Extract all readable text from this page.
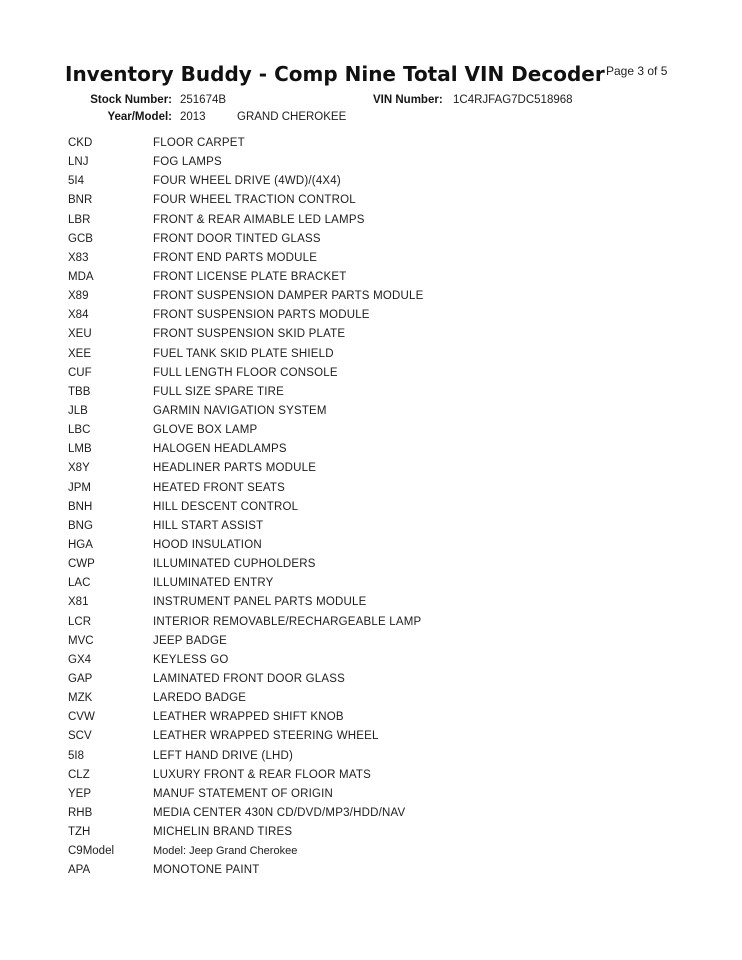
Inventory Buddy - Comp Nine Total VIN Decoder Page 3 of 5
Stock Number: 251674B	VIN Number: 1C4RJFAG7DC518968
Year/Model: 2013	GRAND CHEROKEE
CKD	FLOOR CARPET
LNJ	FOG LAMPS
5I4	FOUR WHEEL DRIVE (4WD)/(4X4)
BNR	FOUR WHEEL TRACTION CONTROL
LBR	FRONT & REAR AIMABLE LED LAMPS
GCB	FRONT DOOR TINTED GLASS
X83	FRONT END PARTS MODULE
MDA	FRONT LICENSE PLATE BRACKET
X89	FRONT SUSPENSION DAMPER PARTS MODULE
X84	FRONT SUSPENSION PARTS MODULE
XEU	FRONT SUSPENSION SKID PLATE
XEE	FUEL TANK SKID PLATE SHIELD
CUF	FULL LENGTH FLOOR CONSOLE
TBB	FULL SIZE SPARE TIRE
JLB	GARMIN NAVIGATION SYSTEM
LBC	GLOVE BOX LAMP
LMB	HALOGEN HEADLAMPS
X8Y	HEADLINER PARTS MODULE
JPM	HEATED FRONT SEATS
BNH	HILL DESCENT CONTROL
BNG	HILL START ASSIST
HGA	HOOD INSULATION
CWP	ILLUMINATED CUPHOLDERS
LAC	ILLUMINATED ENTRY
X81	INSTRUMENT PANEL PARTS MODULE
LCR	INTERIOR REMOVABLE/RECHARGEABLE LAMP
MVC	JEEP BADGE
GX4	KEYLESS GO
GAP	LAMINATED FRONT DOOR GLASS
MZK	LAREDO BADGE
CVW	LEATHER WRAPPED SHIFT KNOB
SCV	LEATHER WRAPPED STEERING WHEEL
5I8	LEFT HAND DRIVE (LHD)
CLZ	LUXURY FRONT & REAR FLOOR MATS
YEP	MANUF STATEMENT OF ORIGIN
RHB	MEDIA CENTER 430N CD/DVD/MP3/HDD/NAV
TZH	MICHELIN BRAND TIRES
C9Model	Model: Jeep Grand Cherokee
APA	MONOTONE PAINT
